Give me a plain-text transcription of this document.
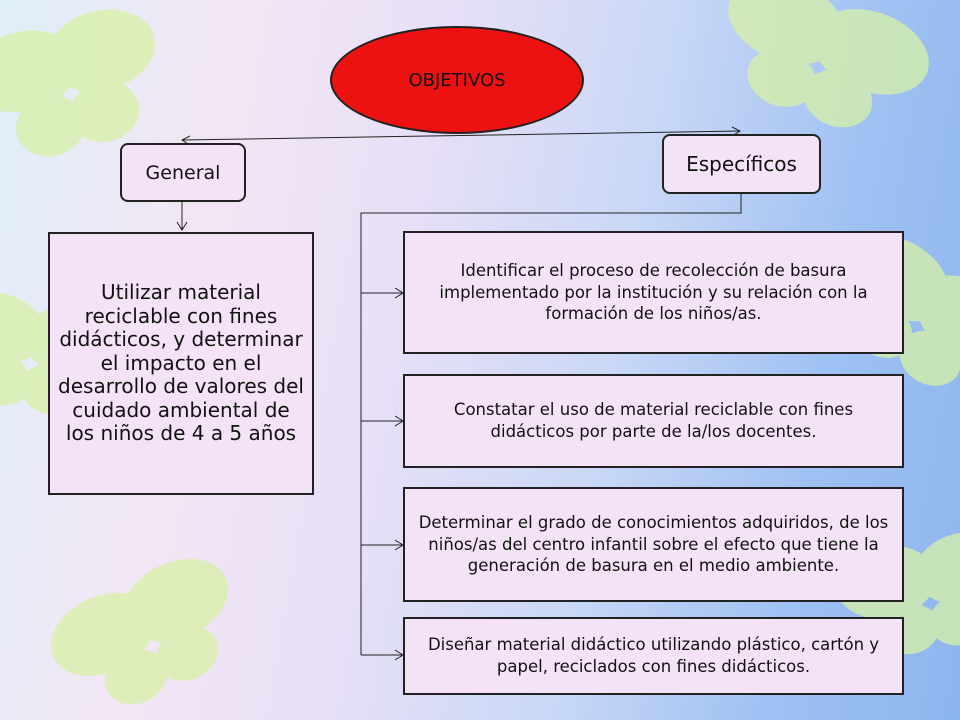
OBJETIVOS
General	Específicos
Utilizar material reciclable con fines didácticos, y determinar el impacto en el desarrollo de valores del cuidado ambiental de los niños de 4 a 5 años
Identificar el proceso de recolección de basura implementado por la institución y su relación con la formación de los niños/as.
Constatar el uso de material reciclable con fines didácticos por parte de la/los docentes.
Determinar el grado de conocimientos adquiridos, de los niños/as del centro infantil sobre el efecto que tiene la generación de basura en el medio ambiente.
Diseñar material didáctico utilizando plástico, cartón y papel, reciclados con fines didácticos.
